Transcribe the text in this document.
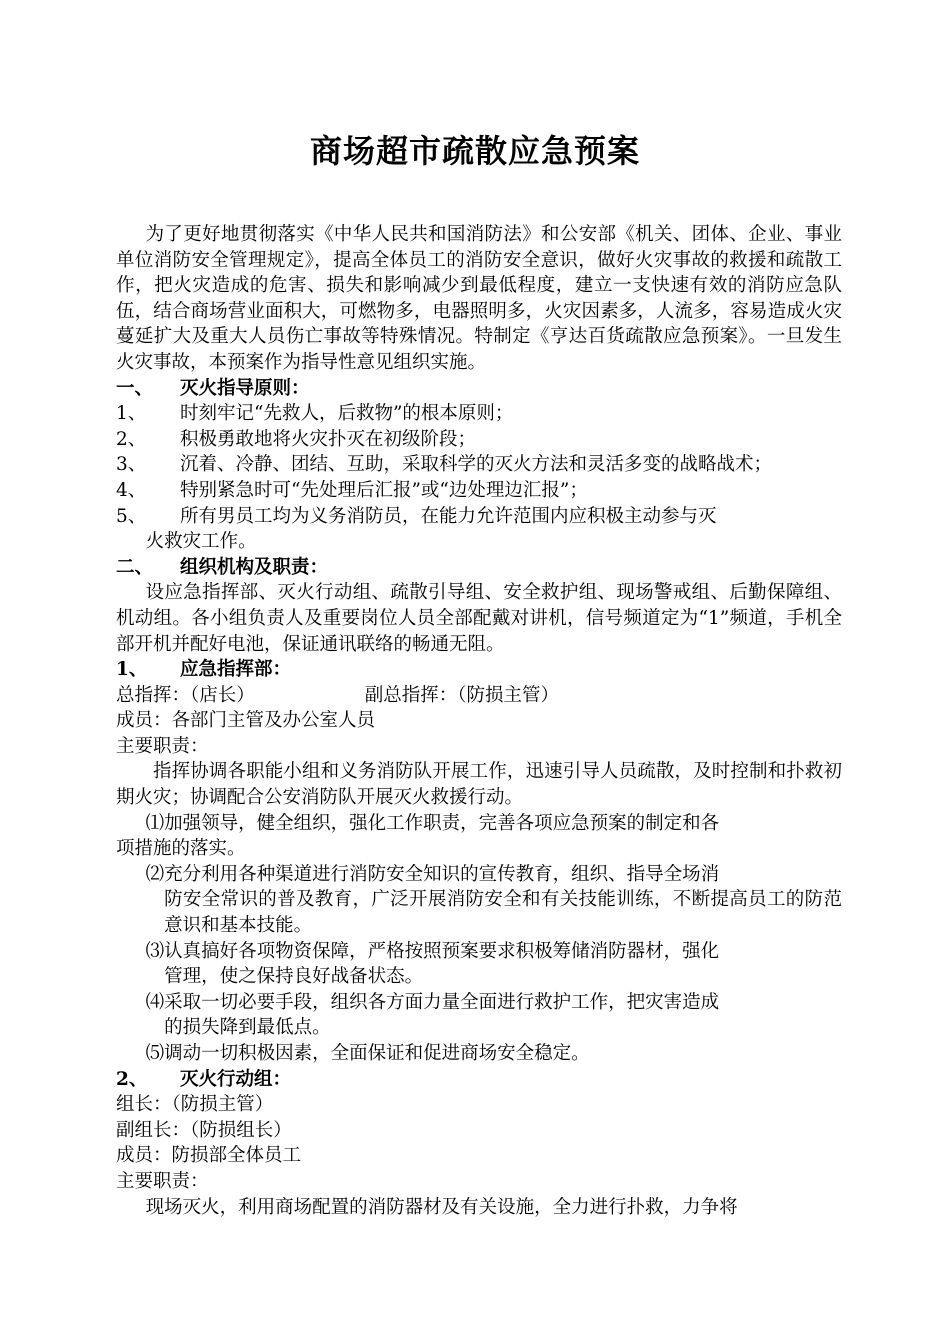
商场超市疏散应急预案

为了更好地贯彻落实《中华人民共和国消防法》和公安部《机关、团体、企业、事业单位消防安全管理规定》，提高全体员工的消防安全意识，做好火灾事故的救援和疏散工作，把火灾造成的危害、损失和影响减少到最低程度，建立一支快速有效的消防应急队伍，结合商场营业面积大，可燃物多，电器照明多，火灾因素多，人流多，容易造成火灾蔓延扩大及重大人员伤亡事故等特殊情况。特制定《亨达百货疏散应急预案》。一旦发生火灾事故，本预案作为指导性意见组织实施。

一、 灭火指导原则：

1、 时刻牢记“先救人，后救物”的根本原则；

2、 积极勇敢地将火灾扑灭在初级阶段；

3、 沉着、冷静、团结、互助，采取科学的灭火方法和灵活多变的战略战术；

4、 特别紧急时可“先处理后汇报”或“边处理边汇报”；

5、 所有男员工均为义务消防员，在能力允许范围内应积极主动参与灭

火救灾工作。

二、 组织机构及职责：

设应急指挥部、灭火行动组、疏散引导组、安全救护组、现场警戒组、后勤保障组、机动组。各小组负责人及重要岗位人员全部配戴对讲机，信号频道定为“1”频道，手机全部开机并配好电池，保证通讯联络的畅通无阻。

1、 应急指挥部：

总指挥：（店长）	副总指挥：（防损主管）

成员：各部门主管及办公室人员

主要职责：

指挥协调各职能小组和义务消防队开展工作，迅速引导人员疏散，及时控制和扑救初期火灾；协调配合公安消防队开展灭火救援行动。

⑴加强领导，健全组织，强化工作职责，完善各项应急预案的制定和各

项措施的落实。

⑵充分利用各种渠道进行消防安全知识的宣传教育，组织、指导全场消

防安全常识的普及教育，广泛开展消防安全和有关技能训练，不断提高员工的防范意识和基本技能。

⑶认真搞好各项物资保障，严格按照预案要求积极筹储消防器材，强化

管理，使之保持良好战备状态。

⑷采取一切必要手段，组织各方面力量全面进行救护工作，把灾害造成

的损失降到最低点。

⑸调动一切积极因素，全面保证和促进商场安全稳定。

2、 灭火行动组：

组长：（防损主管）

副组长：（防损组长）

成员：防损部全体员工

主要职责：

现场灭火，利用商场配置的消防器材及有关设施，全力进行扑救，力争将
